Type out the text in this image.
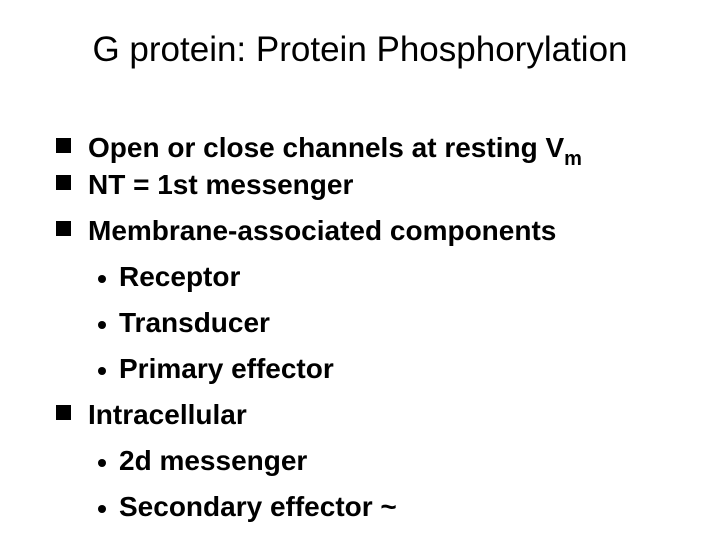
G protein: Protein Phosphorylation
Open or close channels at resting $V_m$
NT = 1st messenger
Membrane-associated components
Receptor
Transducer
Primary effector
Intracellular
2d messenger
Secondary effector ~
